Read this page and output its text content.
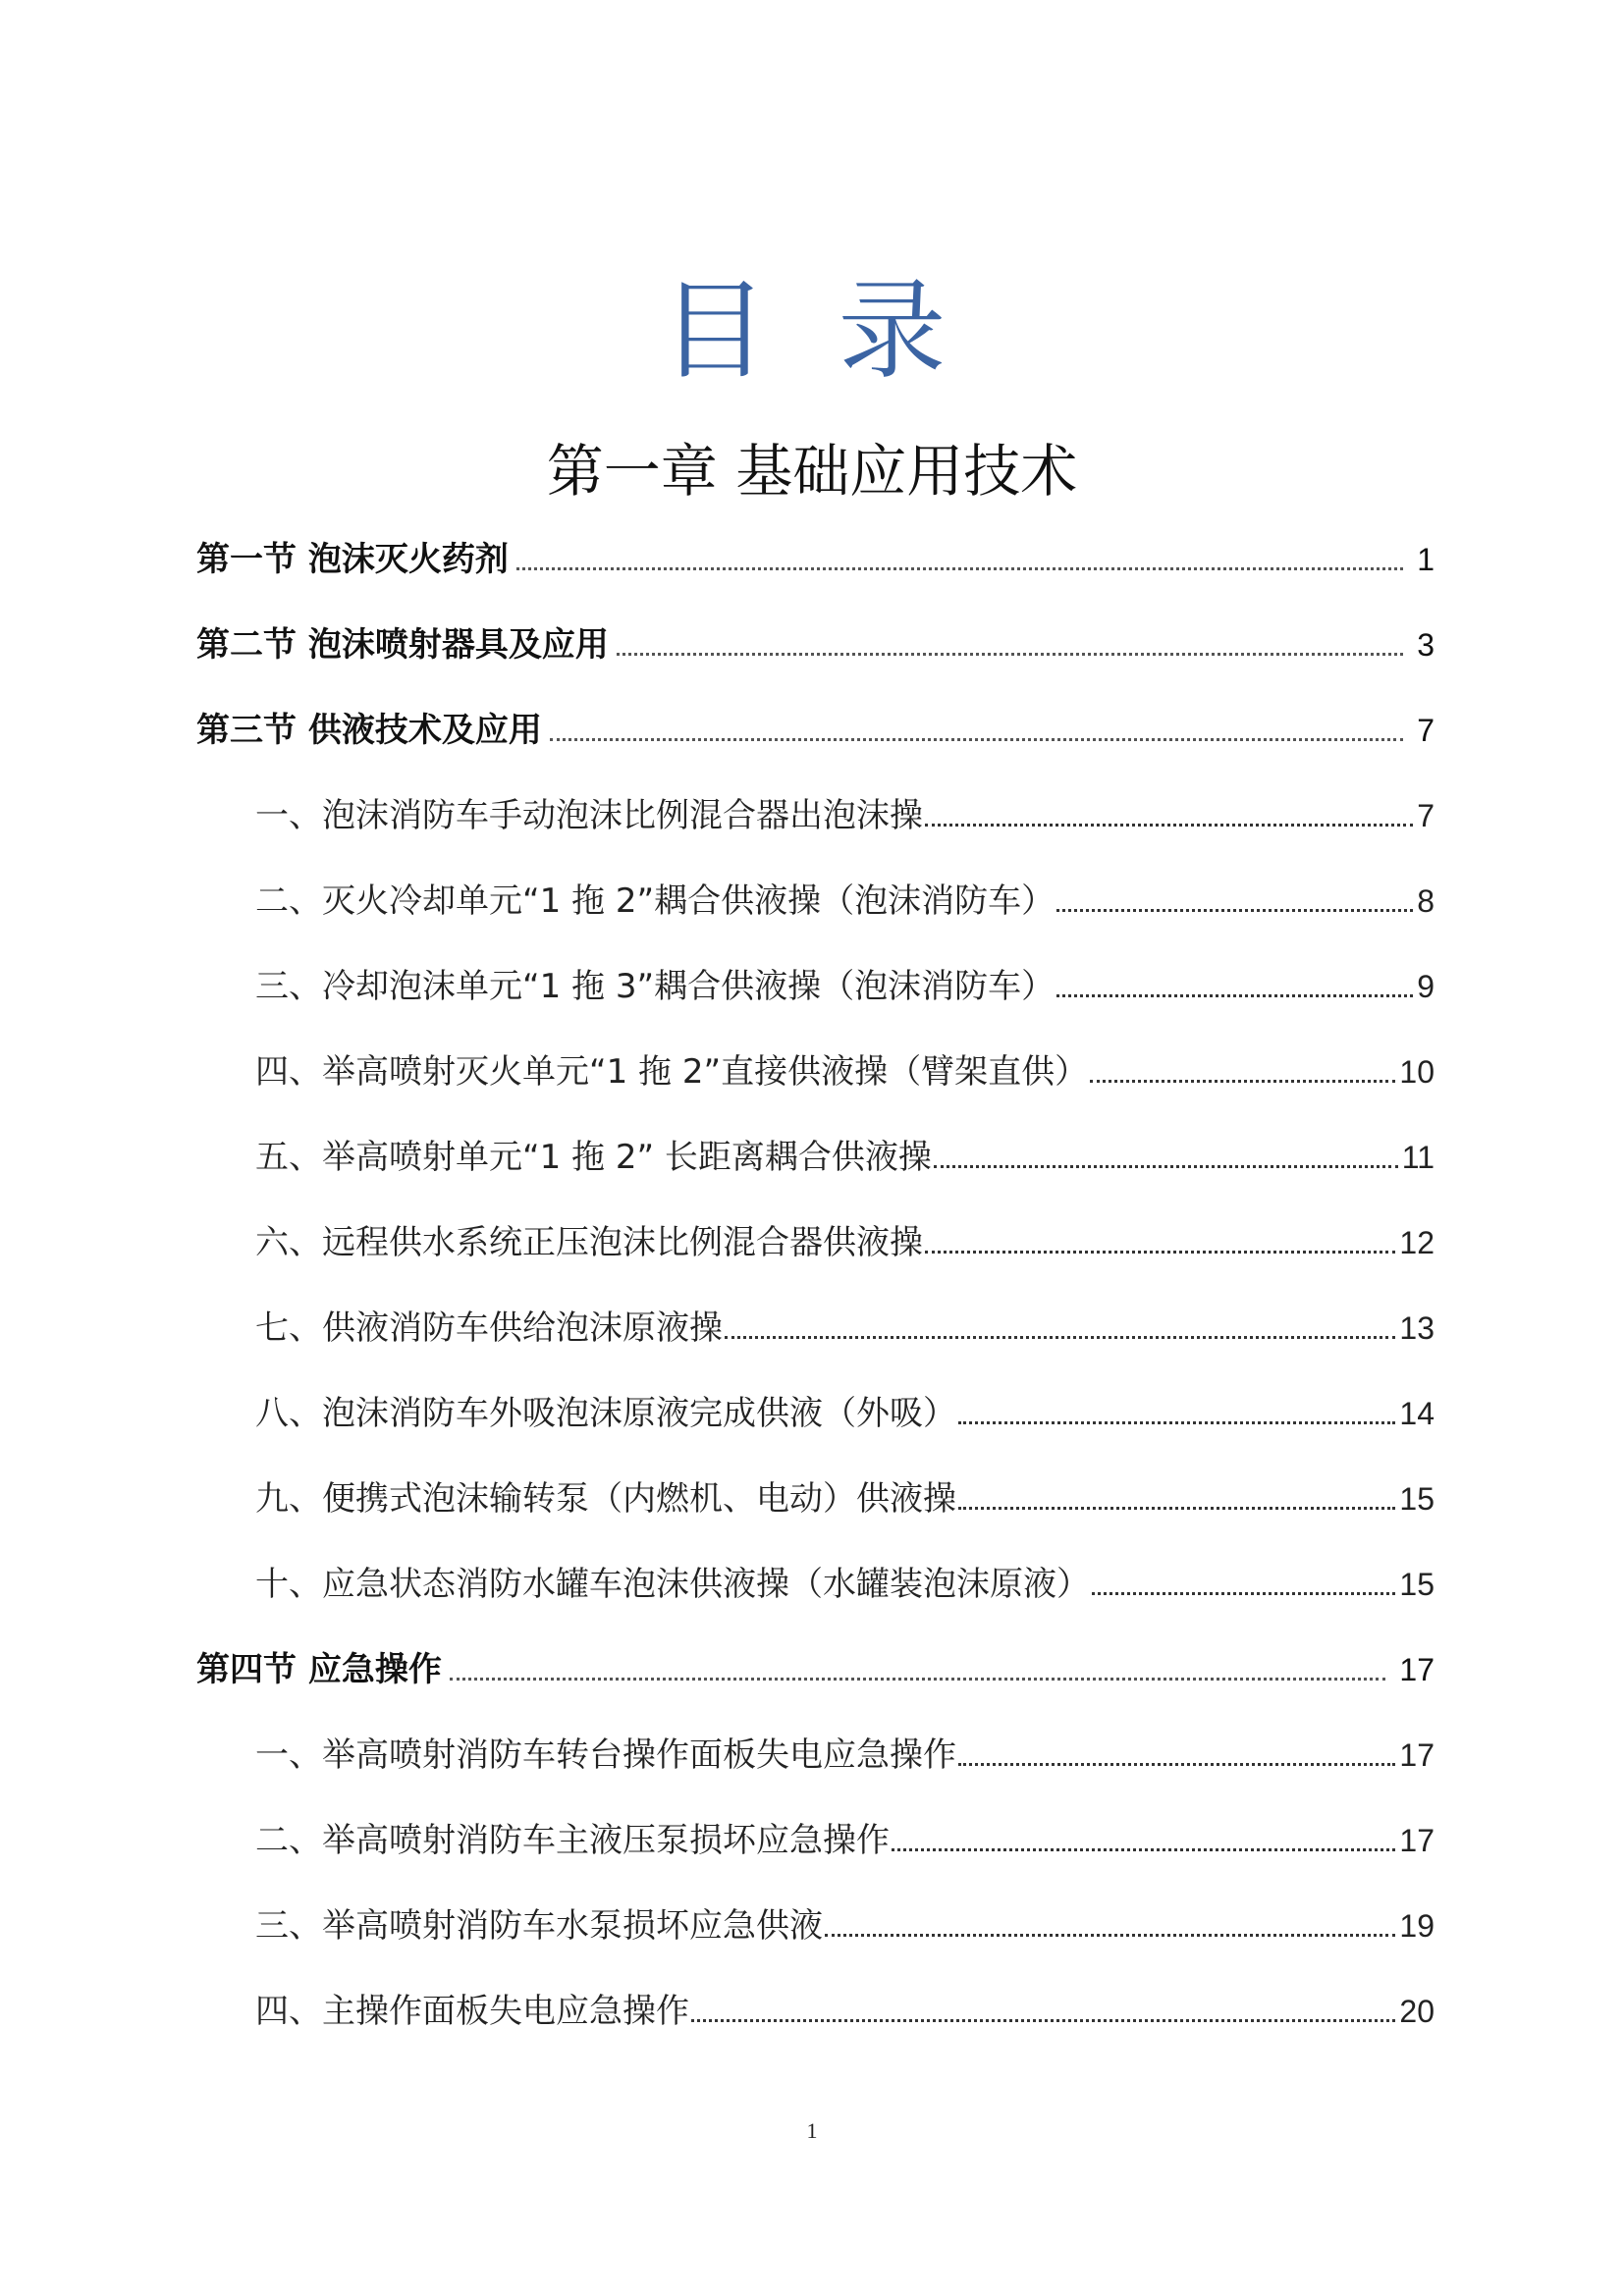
目 录
第一章 基础应用技术
第一节 泡沫灭火药剂	1
第二节 泡沫喷射器具及应用	3
第三节 供液技术及应用	7
一、泡沫消防车手动泡沫比例混合器出泡沫操	7
二、灭火冷却单元“1 拖 2”耦合供液操（泡沫消防车）	8
三、冷却泡沫单元“1 拖 3”耦合供液操（泡沫消防车）	9
四、举高喷射灭火单元“1 拖 2”直接供液操（臂架直供）	10
五、举高喷射单元“1 拖 2” 长距离耦合供液操	11
六、远程供水系统正压泡沫比例混合器供液操	12
七、供液消防车供给泡沫原液操	13
八、泡沫消防车外吸泡沫原液完成供液（外吸）	14
九、便携式泡沫输转泵（内燃机、电动）供液操	15
十、应急状态消防水罐车泡沫供液操（水罐装泡沫原液）	15
第四节 应急操作	17
一、举高喷射消防车转台操作面板失电应急操作	17
二、举高喷射消防车主液压泵损坏应急操作	17
三、举高喷射消防车水泵损坏应急供液	19
四、主操作面板失电应急操作	20
1
